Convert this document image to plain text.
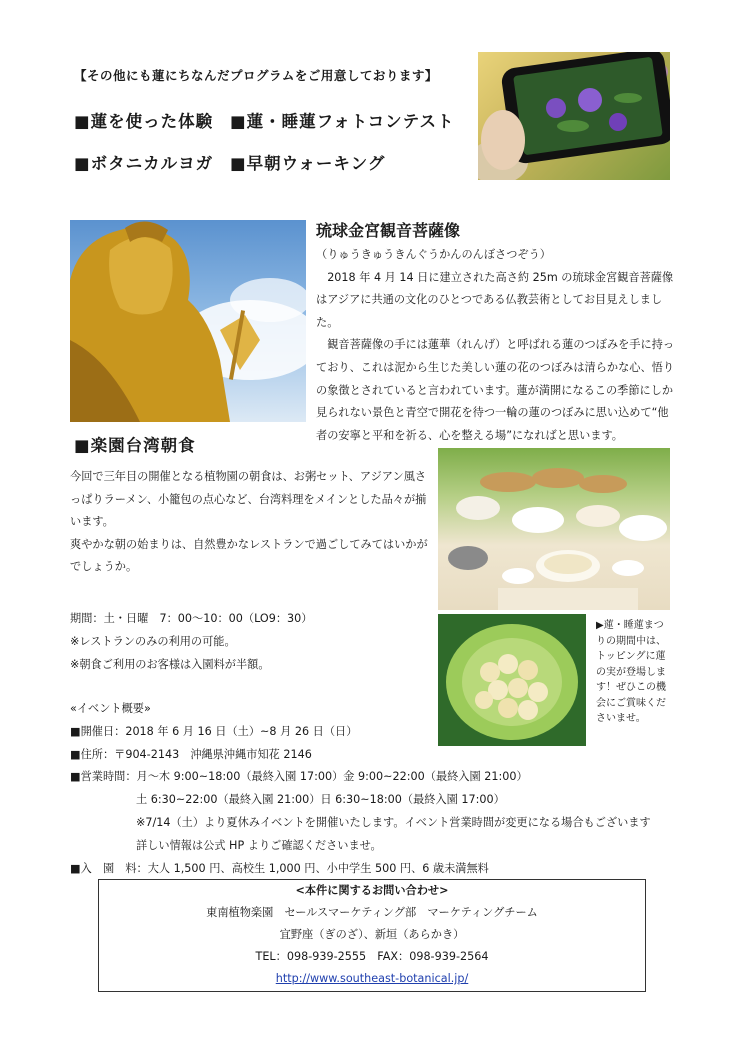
【その他にも蓮にちなんだプログラムをご用意しております】
■蓮を使った体験 ■蓮・睡蓮フォトコンテスト
■ボタニカルヨガ ■早朝ウォーキング
琉球金宮観音菩薩像

（りゅうきゅうきんぐうかんのんぼさつぞう）

　2018 年 4 月 14 日に建立された高さ約 25m の琉球金宮観音菩薩像はアジアに共通の文化のひとつである仏教芸術としてお目見えしました。

　観音菩薩像の手には蓮華（れんげ）と呼ばれる蓮のつぼみを手に持っており、これは泥から生じた美しい蓮の花のつぼみは清らかな心、悟りの象徴とされていると言われています。蓮が満開になるこの季節にしか見られない景色と青空で開花を待つ一輪の蓮のつぼみに思い込めて“他者の安寧と平和を祈る、心を整える場”になればと思います。

■楽園台湾朝食

今回で三年目の開催となる植物園の朝食は、お粥セット、アジアン風さっぱりラーメン、小籠包の点心など、台湾料理をメインとした品々が揃います。

爽やかな朝の始まりは、自然豊かなレストランで過ごしてみてはいかがでしょうか。

▶蓮・睡蓮まつりの期間中は、トッピングに蓮の実が登場します！ぜひこの機会にご賞味くださいませ。

期間：土・日曜　7：00～10：00（LO9：30）

※レストランのみの利用の可能。

※朝食ご利用のお客様は入園料が半額。

«イベント概要»

■開催日：2018 年 6 月 16 日（土）~8 月 26 日（日）

■住所：〒904-2143　沖縄県沖縄市知花 2146

■営業時間：月～木 9:00~18:00（最終入園 17:00）金 9:00~22:00（最終入園 21:00）

土 6:30~22:00（最終入園 21:00）日 6:30~18:00（最終入園 17:00）

※7/14（土）より夏休みイベントを開催いたします。イベント営業時間が変更になる場合もございます

詳しい情報は公式 HP よりご確認くださいませ。

■入　園　料：大人 1,500 円、高校生 1,000 円、小中学生 500 円、6 歳未満無料

<本件に関するお問い合わせ>

東南植物楽園　セールスマーケティング部　マーケティングチーム

宜野座（ぎのざ）、新垣（あらかき）

TEL：098-939-2555　FAX：098-939-2564

http://www.southeast-botanical.jp/
